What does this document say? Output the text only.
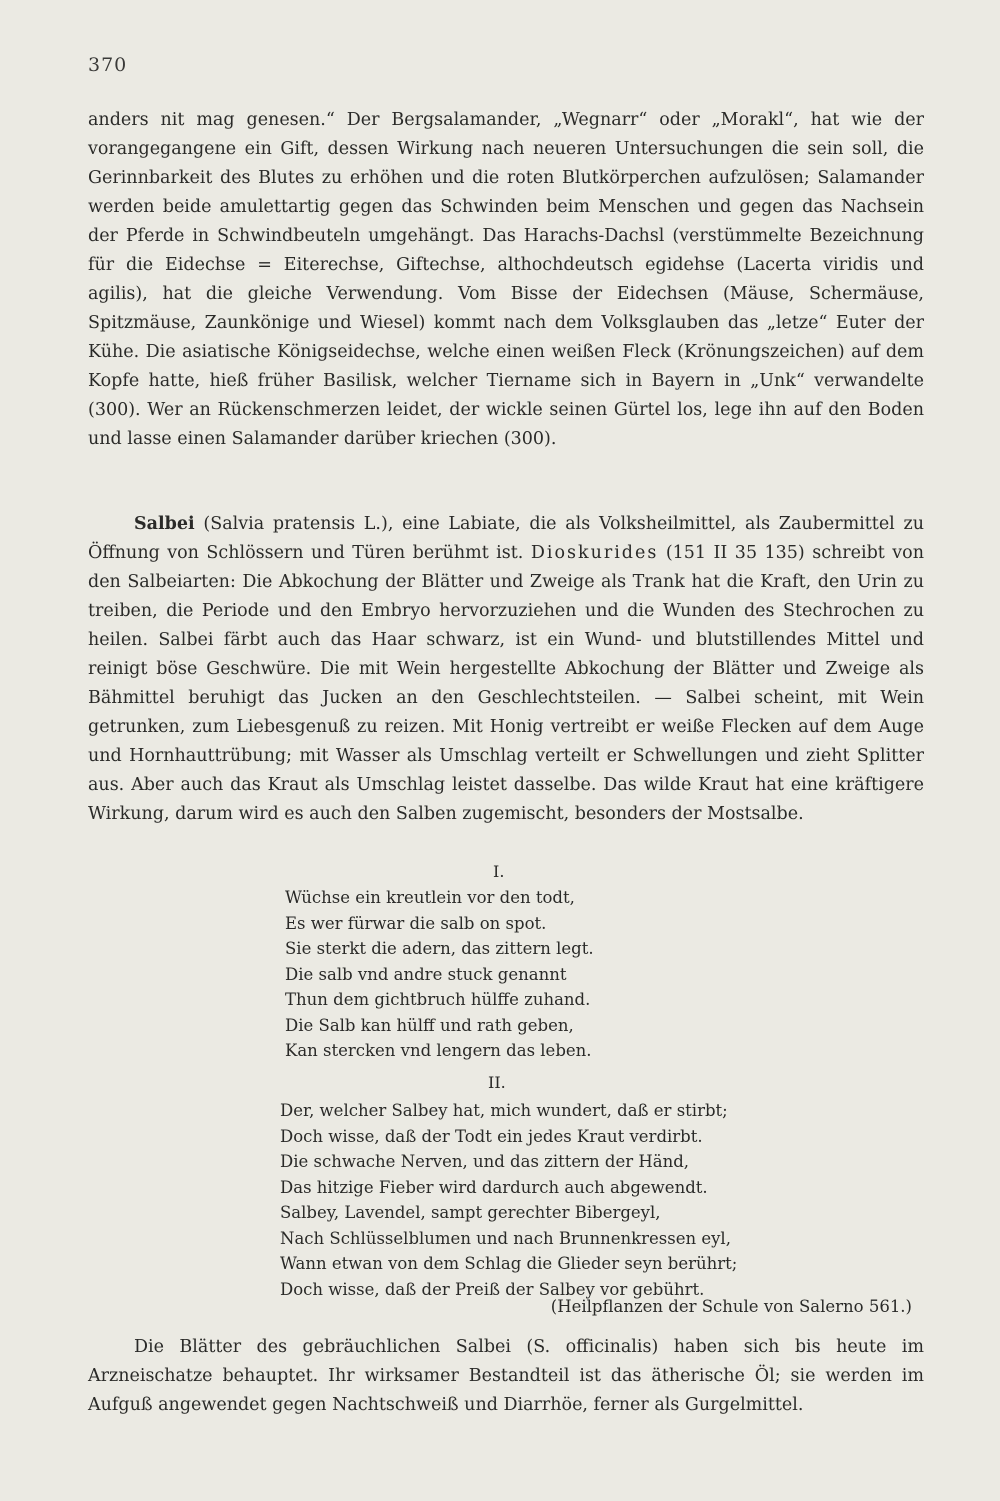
370

anders nit mag genesen.“ Der Bergsalamander, „Wegnarr“ oder „Morakl“, hat wie der vorangegangene ein Gift, dessen Wirkung nach neueren Untersuchungen die sein soll, die Gerinnbarkeit des Blutes zu erhöhen und die roten Blutkörperchen aufzulösen; Salamander werden beide amulettartig gegen das Schwinden beim Menschen und gegen das Nachsein der Pferde in Schwindbeuteln umgehängt. Das Harachs-Dachsl (verstümmelte Bezeichnung für die Eidechse = Eiterechse, Giftechse, althochdeutsch egidehse (Lacerta viridis und agilis), hat die gleiche Verwendung. Vom Bisse der Eidechsen (Mäuse, Schermäuse, Spitzmäuse, Zaunkönige und Wiesel) kommt nach dem Volksglauben das „letze“ Euter der Kühe. Die asiatische Königseidechse, welche einen weißen Fleck (Krönungszeichen) auf dem Kopfe hatte, hieß früher Basilisk, welcher Tiername sich in Bayern in „Unk“ verwandelte (300). Wer an Rückenschmerzen leidet, der wickle seinen Gürtel los, lege ihn auf den Boden und lasse einen Salamander darüber kriechen (300).

Salbei (Salvia pratensis L.), eine Labiate, die als Volksheilmittel, als Zaubermittel zu Öffnung von Schlössern und Türen berühmt ist. Dioskurides (151 II 35 135) schreibt von den Salbeiarten: Die Abkochung der Blätter und Zweige als Trank hat die Kraft, den Urin zu treiben, die Periode und den Embryo hervorzuziehen und die Wunden des Stechrochen zu heilen. Salbei färbt auch das Haar schwarz, ist ein Wund- und blutstillendes Mittel und reinigt böse Geschwüre. Die mit Wein hergestellte Abkochung der Blätter und Zweige als Bähmittel beruhigt das Jucken an den Geschlechtsteilen. — Salbei scheint, mit Wein getrunken, zum Liebesgenuß zu reizen. Mit Honig vertreibt er weiße Flecken auf dem Auge und Hornhauttrübung; mit Wasser als Umschlag verteilt er Schwellungen und zieht Splitter aus. Aber auch das Kraut als Umschlag leistet dasselbe. Das wilde Kraut hat eine kräftigere Wirkung, darum wird es auch den Salben zugemischt, besonders der Mostsalbe.

I.
Wüchse ein kreutlein vor den todt,
Es wer fürwar die salb on spot.
Sie sterkt die adern, das zittern legt.
Die salb vnd andre stuck genannt
Thun dem gichtbruch hülffe zuhand.
Die Salb kan hülff und rath geben,
Kan stercken vnd lengern das leben.
II.
Der, welcher Salbey hat, mich wundert, daß er stirbt;
Doch wisse, daß der Todt ein jedes Kraut verdirbt.
Die schwache Nerven, und das zittern der Händ,
Das hitzige Fieber wird dardurch auch abgewendt.
Salbey, Lavendel, sampt gerechter Bibergeyl,
Nach Schlüsselblumen und nach Brunnenkressen eyl,
Wann etwan von dem Schlag die Glieder seyn berührt;
Doch wisse, daß der Preiß der Salbey vor gebührt.
(Heilpflanzen der Schule von Salerno 561.)

Die Blätter des gebräuchlichen Salbei (S. officinalis) haben sich bis heute im Arzneischatze behauptet. Ihr wirksamer Bestandteil ist das ätherische Öl; sie werden im Aufguß angewendet gegen Nachtschweiß und Diarrhöe, ferner als Gurgelmittel.
